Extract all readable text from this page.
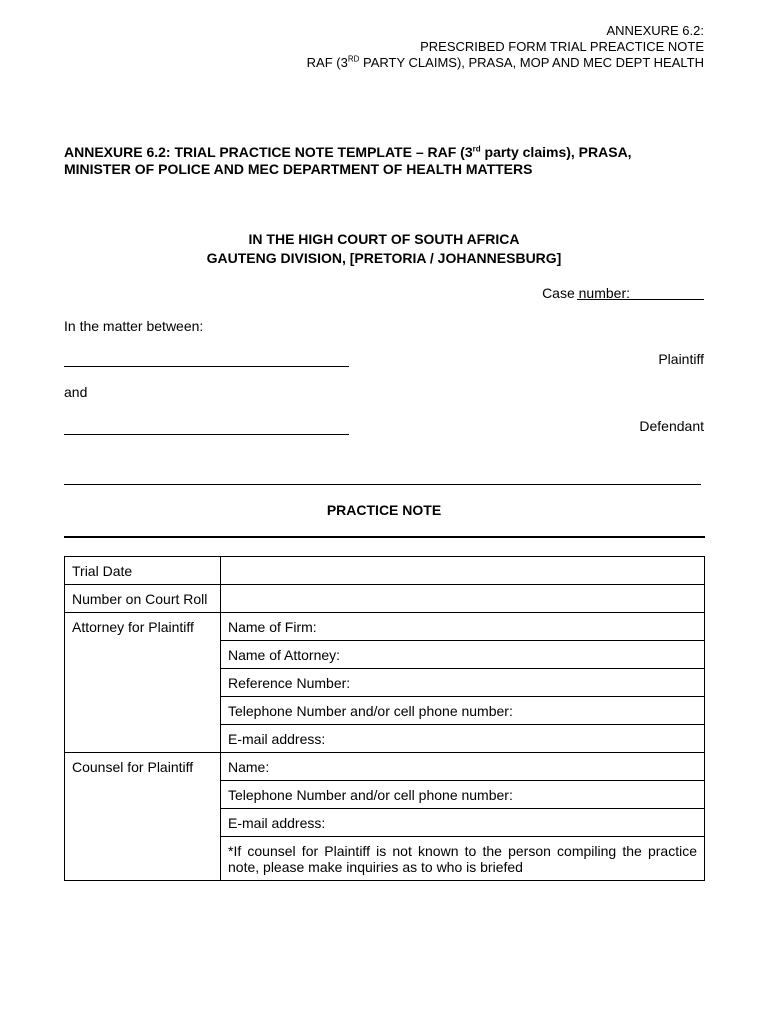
ANNEXURE 6.2:
PRESCRIBED FORM TRIAL PREACTICE NOTE
RAF (3RD PARTY CLAIMS), PRASA, MOP AND MEC DEPT HEALTH
ANNEXURE 6.2: TRIAL PRACTICE NOTE TEMPLATE – RAF (3rd party claims), PRASA,
MINISTER OF POLICE AND MEC DEPARTMENT OF HEALTH MATTERS
IN THE HIGH COURT OF SOUTH AFRICA
GAUTENG DIVISION, [PRETORIA / JOHANNESBURG]
Case number:
In the matter between:
Plaintiff
and
Defendant
PRACTICE NOTE
Trial Date	
Number on Court Roll	
Attorney for Plaintiff	Name of Firm:
	Name of Attorney:
	Reference Number:
	Telephone Number and/or cell phone number:
	E-mail address:
Counsel for Plaintiff	Name:
	Telephone Number and/or cell phone number:
	E-mail address:
	*If counsel for Plaintiff is not known to the person compiling the practice note, please make inquiries as to who is briefed
